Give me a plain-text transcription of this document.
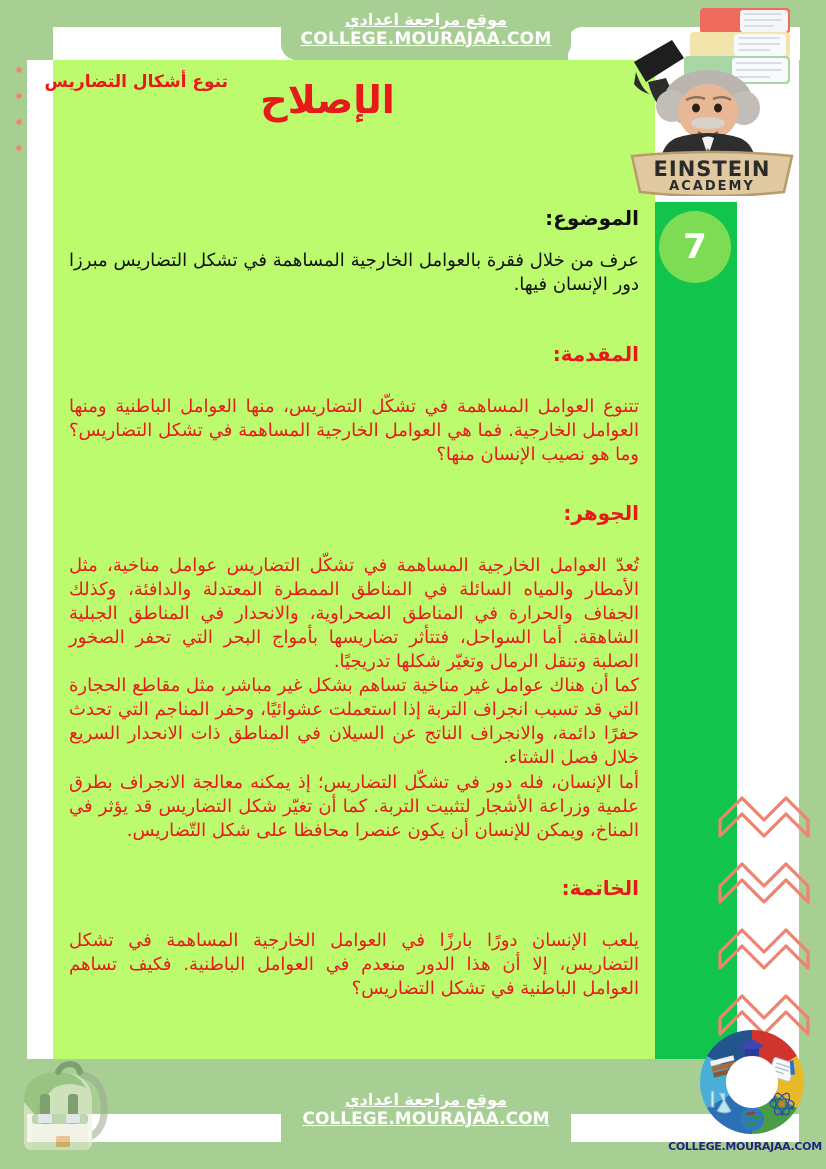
موقع مراجعة اعدادي
COLLEGE.MOURAJAA.COM
الإصلاح
تنوع أشكال التضاريس
7
الموضوع:

عرف من خلال فقرة بالعوامل الخارجية المساهمة في تشكل التضاريس مبرزا دور الإنسان فيها.

المقدمة:

تتنوع العوامل المساهمة في تشكّل التضاريس، منها العوامل الباطنية ومنها العوامل الخارجية. فما هي العوامل الخارجية المساهمة في تشكل التضاريس؟ وما هو نصيب الإنسان منها؟

الجوهر:

تُعدّ العوامل الخارجية المساهمة في تشكّل التضاريس عوامل مناخية، مثل الأمطار والمياه السائلة في المناطق الممطرة المعتدلة والدافئة، وكذلك الجفاف والحرارة في المناطق الصحراوية، والانحدار في المناطق الجبلية الشاهقة. أما السواحل، فتتأثر تضاريسها بأمواج البحر التي تحفر الصخور الصلبة وتنقل الرمال وتغيّر شكلها تدريجيًا.

كما أن هناك عوامل غير مناخية تساهم بشكل غير مباشر، مثل مقاطع الحجارة التي قد تسبب انجراف التربة إذا استعملت عشوائيًا، وحفر المناجم التي تحدث حفرًا دائمة، والانجراف الناتج عن السيلان في المناطق ذات الانحدار السريع خلال فصل الشتاء.

أما الإنسان، فله دور في تشكّل التضاريس؛ إذ يمكنه معالجة الانجراف بطرق علمية وزراعة الأشجار لتثبيت التربة. كما أن تغيّر شكل التضاريس قد يؤثر في المناخ، ويمكن للإنسان أن يكون عنصرا محافظا على شكل التّضاريس.

الخاتمة:

يلعب الإنسان دورًا بارزًا في العوامل الخارجية المساهمة في تشكل التضاريس، إلا أن هذا الدور منعدم في العوامل الباطنية. فكيف تساهم العوامل الباطنية في تشكل التضاريس؟

EINSTEIN
ACADEMY
موقع مراجعة اعدادي
COLLEGE.MOURAJAA.COM
COLLEGE.MOURAJAA.COM
